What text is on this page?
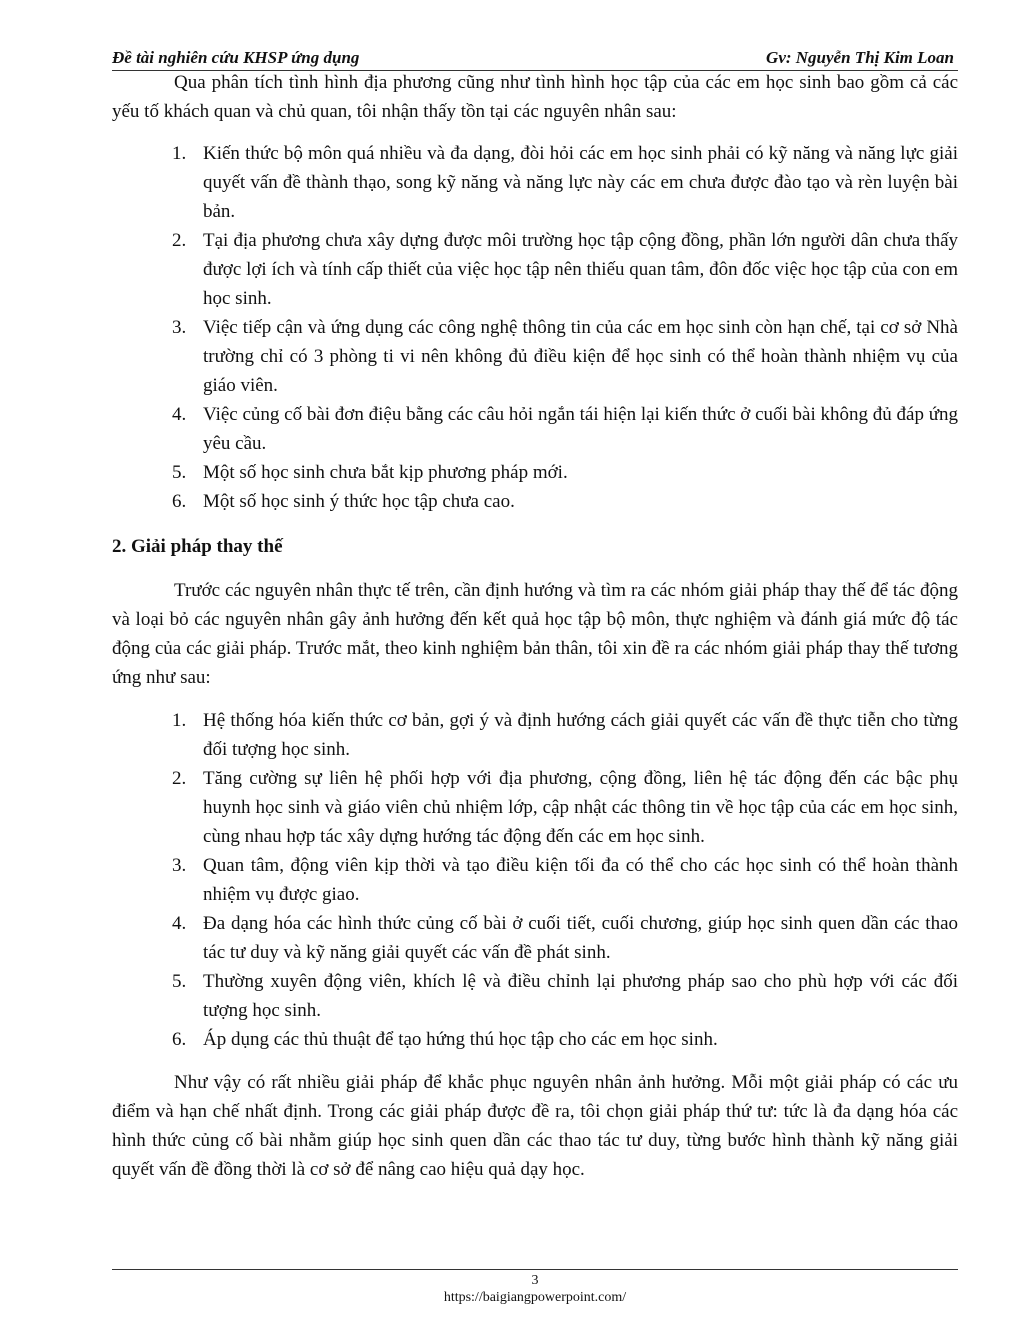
Đề tài nghiên cứu KHSP ứng dụng	Gv: Nguyễn Thị Kim Loan

Qua phân tích tình hình địa phương cũng như tình hình học tập của các em học sinh bao gồm cả các yếu tố khách quan và chủ quan, tôi nhận thấy tồn tại các nguyên nhân sau:

1. Kiến thức bộ môn quá nhiều và đa dạng, đòi hỏi các em học sinh phải có kỹ năng và năng lực giải quyết vấn đề thành thạo, song kỹ năng và năng lực này các em chưa được đào tạo và rèn luyện bài bản.
2. Tại địa phương chưa xây dựng được môi trường học tập cộng đồng, phần lớn người dân chưa thấy được lợi ích và tính cấp thiết của việc học tập nên thiếu quan tâm, đôn đốc việc học tập của con em học sinh.
3. Việc tiếp cận và ứng dụng các công nghệ thông tin của các em học sinh còn hạn chế, tại cơ sở Nhà trường chỉ có 3 phòng ti vi nên không đủ điều kiện để học sinh có thể hoàn thành nhiệm vụ của giáo viên.
4. Việc củng cố bài đơn điệu bằng các câu hỏi ngắn tái hiện lại kiến thức ở cuối bài không đủ đáp ứng yêu cầu.
5. Một số học sinh chưa bắt kịp phương pháp mới.
6. Một số học sinh ý thức học tập chưa cao.
2. Giải pháp thay thế

Trước các nguyên nhân thực tế trên, cần định hướng và tìm ra các nhóm giải pháp thay thế để tác động và loại bỏ các nguyên nhân gây ảnh hưởng đến kết quả học tập bộ môn, thực nghiệm và đánh giá mức độ tác động của các giải pháp. Trước mắt, theo kinh nghiệm bản thân, tôi xin đề ra các nhóm giải pháp thay thế tương ứng như sau:

1. Hệ thống hóa kiến thức cơ bản, gợi ý và định hướng cách giải quyết các vấn đề thực tiễn cho từng đối tượng học sinh.
2. Tăng cường sự liên hệ phối hợp với địa phương, cộng đồng, liên hệ tác động đến các bậc phụ huynh học sinh và giáo viên chủ nhiệm lớp, cập nhật các thông tin về học tập của các em học sinh, cùng nhau hợp tác xây dựng hướng tác động đến các em học sinh.
3. Quan tâm, động viên kịp thời và tạo điều kiện tối đa có thể cho các học sinh có thể hoàn thành nhiệm vụ được giao.
4. Đa dạng hóa các hình thức củng cố bài ở cuối tiết, cuối chương, giúp học sinh quen dần các thao tác tư duy và kỹ năng giải quyết các vấn đề phát sinh.
5. Thường xuyên động viên, khích lệ và điều chỉnh lại phương pháp sao cho phù hợp với các đối tượng học sinh.
6. Áp dụng các thủ thuật để tạo hứng thú học tập cho các em học sinh.

Như vậy có rất nhiều giải pháp để khắc phục nguyên nhân ảnh hưởng. Mỗi một giải pháp có các ưu điểm và hạn chế nhất định. Trong các giải pháp được đề ra, tôi chọn giải pháp thứ tư: tức là đa dạng hóa các hình thức củng cố bài nhằm giúp học sinh quen dần các thao tác tư duy, từng bước hình thành kỹ năng giải quyết vấn đề đồng thời là cơ sở để nâng cao hiệu quả dạy học.

3
https://baigiangpowerpoint.com/
